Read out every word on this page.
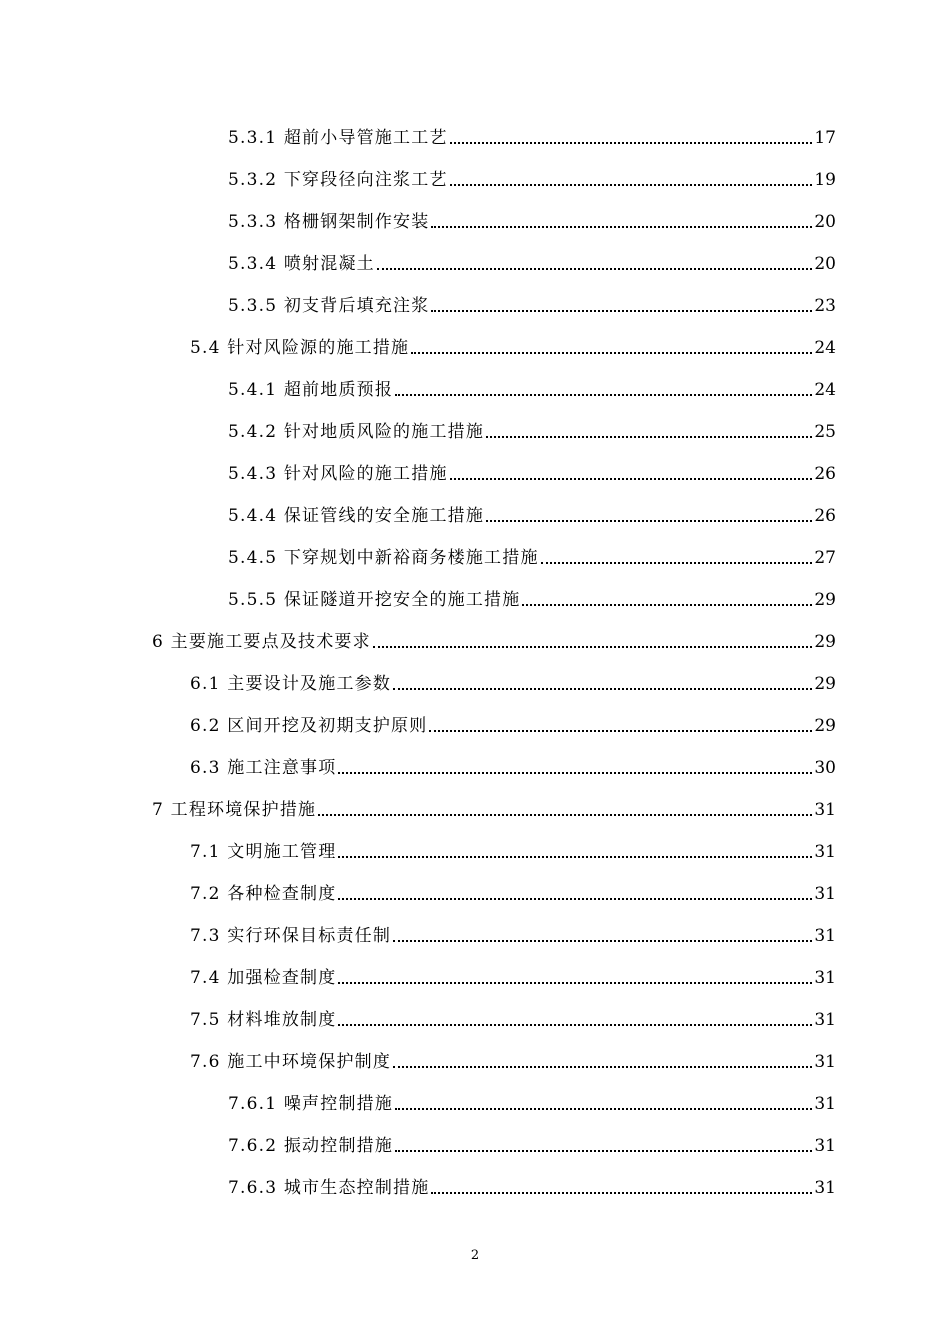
5.3.1 超前小导管施工工艺	17
5.3.2 下穿段径向注浆工艺	19
5.3.3 格栅钢架制作安装	20
5.3.4 喷射混凝土	20
5.3.5 初支背后填充注浆	23
5.4 针对风险源的施工措施	24
5.4.1 超前地质预报	24
5.4.2 针对地质风险的施工措施	25
5.4.3 针对风险的施工措施	26
5.4.4 保证管线的安全施工措施	26
5.4.5 下穿规划中新裕商务楼施工措施	27
5.5.5 保证隧道开挖安全的施工措施	29
6 主要施工要点及技术要求	29
6.1 主要设计及施工参数	29
6.2 区间开挖及初期支护原则	29
6.3 施工注意事项	30
7 工程环境保护措施	31
7.1 文明施工管理	31
7.2 各种检查制度	31
7.3 实行环保目标责任制	31
7.4 加强检查制度	31
7.5 材料堆放制度	31
7.6 施工中环境保护制度	31
7.6.1 噪声控制措施	31
7.6.2 振动控制措施	31
7.6.3 城市生态控制措施	31
2
